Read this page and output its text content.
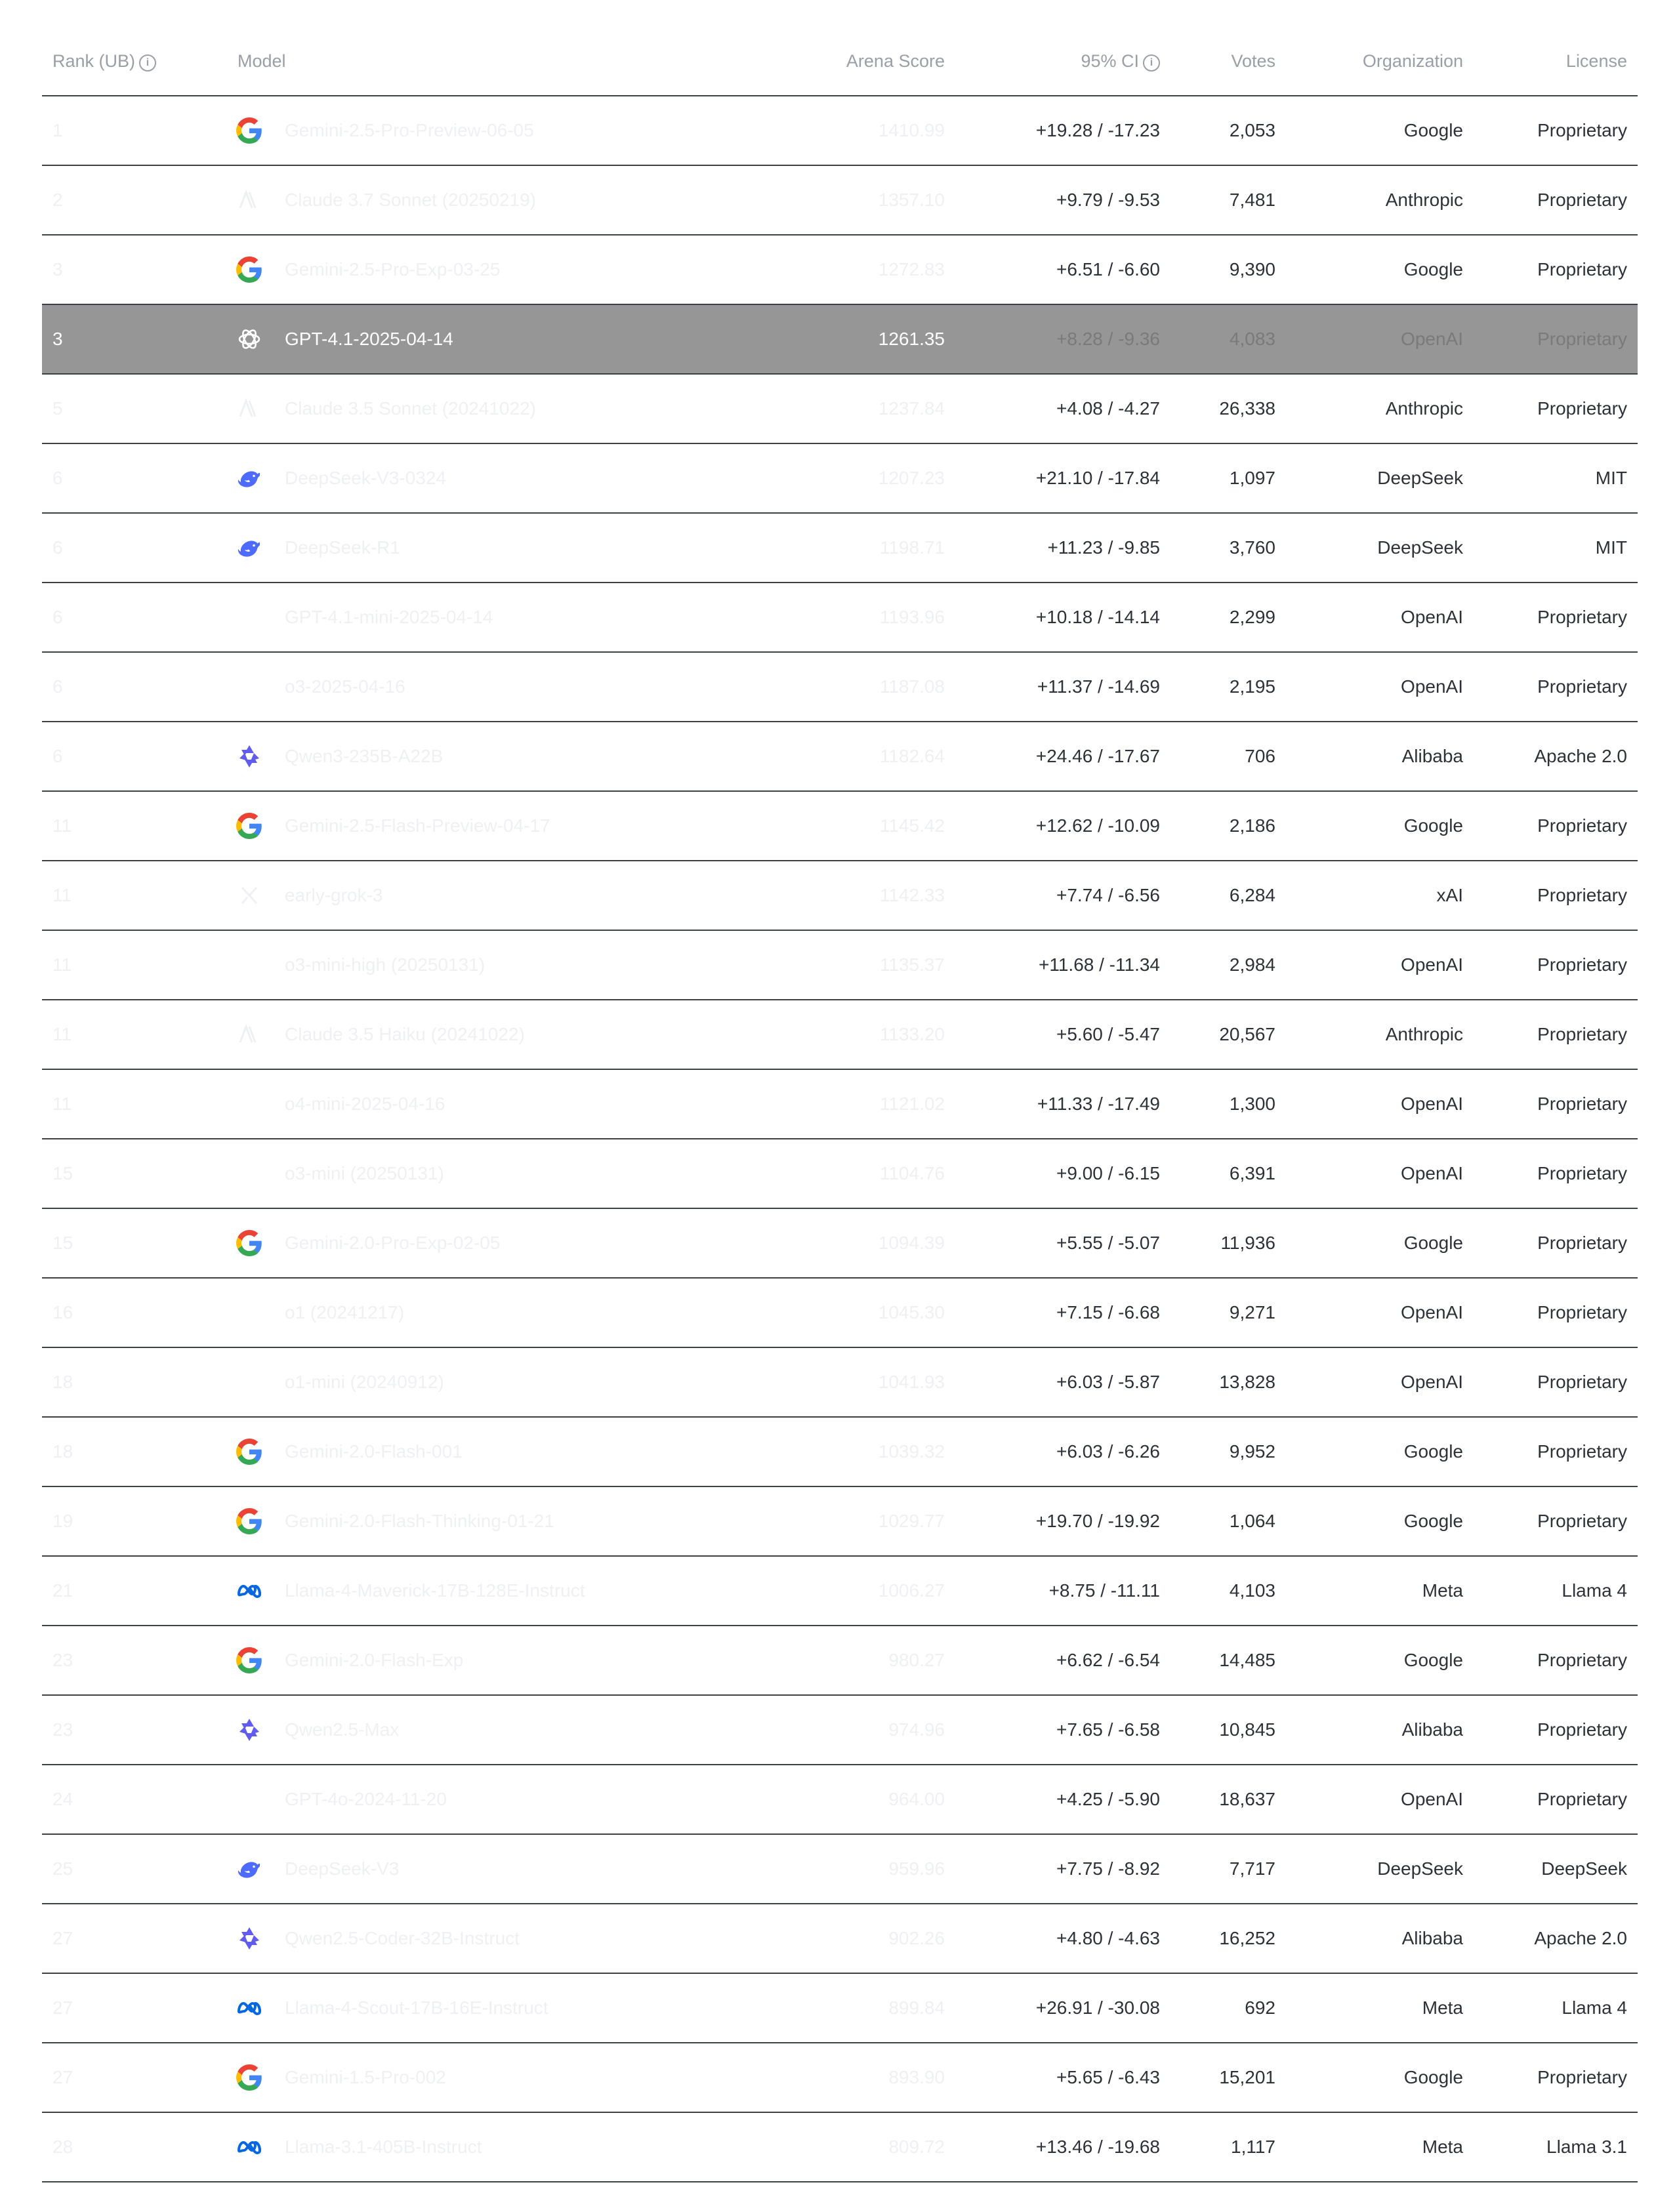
Rank (UB) i	Model	Arena Score	95% CI i	Votes	Organization	License
1	Gemini-2.5-Pro-Preview-06-05	1410.99	+19.28 / -17.23	2,053	Google	Proprietary
2	Claude 3.7 Sonnet (20250219)	1357.10	+9.79 / -9.53	7,481	Anthropic	Proprietary
3	Gemini-2.5-Pro-Exp-03-25	1272.83	+6.51 / -6.60	9,390	Google	Proprietary
3	GPT-4.1-2025-04-14	1261.35	+8.28 / -9.36	4,083	OpenAI	Proprietary
5	Claude 3.5 Sonnet (20241022)	1237.84	+4.08 / -4.27	26,338	Anthropic	Proprietary
6	DeepSeek-V3-0324	1207.23	+21.10 / -17.84	1,097	DeepSeek	MIT
6	DeepSeek-R1	1198.71	+11.23 / -9.85	3,760	DeepSeek	MIT
6	GPT-4.1-mini-2025-04-14	1193.96	+10.18 / -14.14	2,299	OpenAI	Proprietary
6	o3-2025-04-16	1187.08	+11.37 / -14.69	2,195	OpenAI	Proprietary
6	Qwen3-235B-A22B	1182.64	+24.46 / -17.67	706	Alibaba	Apache 2.0
11	Gemini-2.5-Flash-Preview-04-17	1145.42	+12.62 / -10.09	2,186	Google	Proprietary
11	early-grok-3	1142.33	+7.74 / -6.56	6,284	xAI	Proprietary
11	o3-mini-high (20250131)	1135.37	+11.68 / -11.34	2,984	OpenAI	Proprietary
11	Claude 3.5 Haiku (20241022)	1133.20	+5.60 / -5.47	20,567	Anthropic	Proprietary
11	o4-mini-2025-04-16	1121.02	+11.33 / -17.49	1,300	OpenAI	Proprietary
15	o3-mini (20250131)	1104.76	+9.00 / -6.15	6,391	OpenAI	Proprietary
15	Gemini-2.0-Pro-Exp-02-05	1094.39	+5.55 / -5.07	11,936	Google	Proprietary
16	o1 (20241217)	1045.30	+7.15 / -6.68	9,271	OpenAI	Proprietary
18	o1-mini (20240912)	1041.93	+6.03 / -5.87	13,828	OpenAI	Proprietary
18	Gemini-2.0-Flash-001	1039.32	+6.03 / -6.26	9,952	Google	Proprietary
19	Gemini-2.0-Flash-Thinking-01-21	1029.77	+19.70 / -19.92	1,064	Google	Proprietary
21	Llama-4-Maverick-17B-128E-Instruct	1006.27	+8.75 / -11.11	4,103	Meta	Llama 4
23	Gemini-2.0-Flash-Exp	980.27	+6.62 / -6.54	14,485	Google	Proprietary
23	Qwen2.5-Max	974.96	+7.65 / -6.58	10,845	Alibaba	Proprietary
24	GPT-4o-2024-11-20	964.00	+4.25 / -5.90	18,637	OpenAI	Proprietary
25	DeepSeek-V3	959.96	+7.75 / -8.92	7,717	DeepSeek	DeepSeek
27	Qwen2.5-Coder-32B-Instruct	902.26	+4.80 / -4.63	16,252	Alibaba	Apache 2.0
27	Llama-4-Scout-17B-16E-Instruct	899.84	+26.91 / -30.08	692	Meta	Llama 4
27	Gemini-1.5-Pro-002	893.90	+5.65 / -6.43	15,201	Google	Proprietary
28	Llama-3.1-405B-Instruct	809.72	+13.46 / -19.68	1,117	Meta	Llama 3.1
